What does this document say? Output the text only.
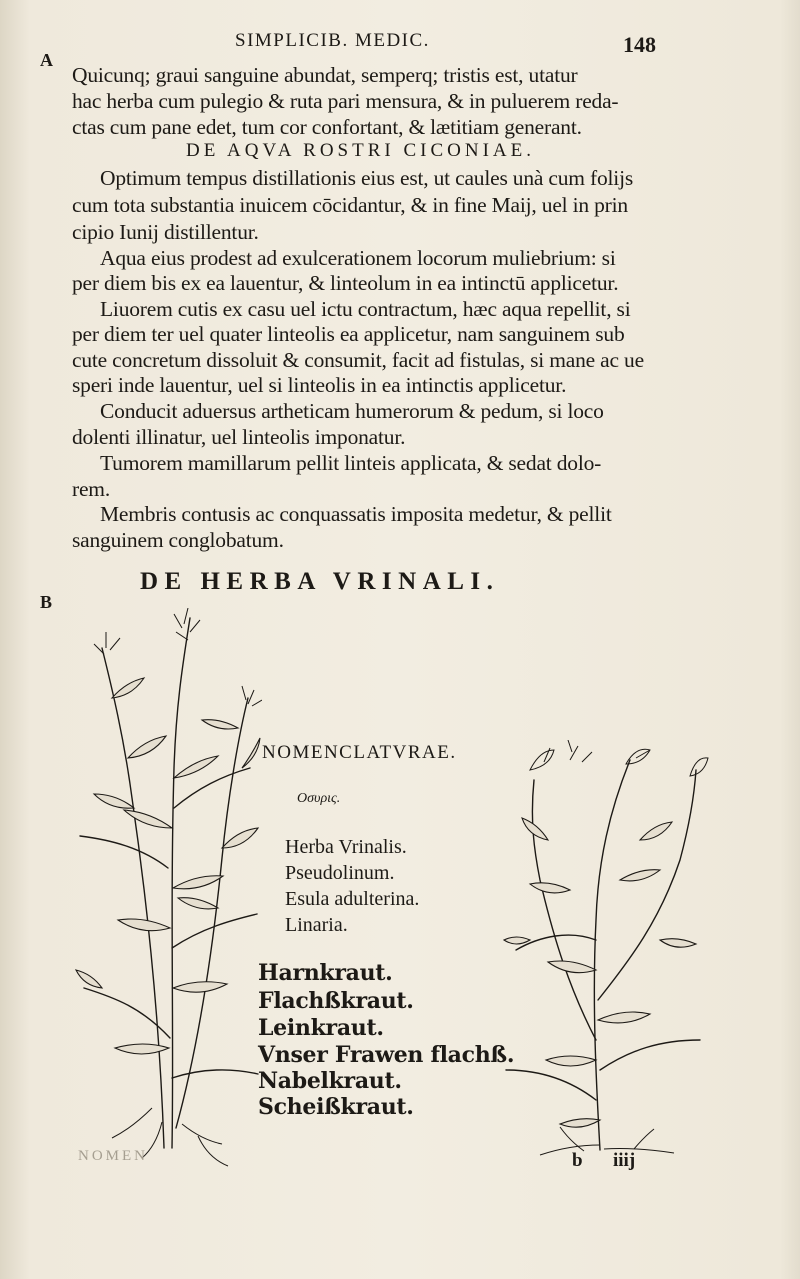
SIMPLICIB. MEDIC.	148
A
B
Quicunq; graui sanguine abundat, semperq; tristis est, utatur
hac herba cum pulegio & ruta pari mensura, & in puluerem reda-
ctas cum pane edet, tum cor confortant, & lætitiam generant.
DE AQVA ROSTRI CICONIAE.
Optimum tempus distillationis eius est, ut caules unà cum folijs
cum tota substantia inuicem cōcidantur, & in fine Maij, uel in prin
cipio Iunij distillentur.
Aqua eius prodest ad exulcerationem locorum muliebrium: si
per diem bis ex ea lauentur, & linteolum in ea intinctū applicetur.
Liuorem cutis ex casu uel ictu contractum, hæc aqua repellit, si
per diem ter uel quater linteolis ea applicetur, nam sanguinem sub
cute concretum dissoluit & consumit, facit ad fistulas, si mane ac ue
speri inde lauentur, uel si linteolis in ea intinctis applicetur.
Conducit aduersus artheticam humerorum & pedum, si loco
dolenti illinatur, uel linteolis imponatur.
Tumorem mamillarum pellit linteis applicata, & sedat dolo-
rem.
Membris contusis ac conquassatis imposita medetur, & pellit
sanguinem conglobatum.
DE HERBA VRINALI.
NOMENCLATVRAE.
Οσυρις.
Herba Vrinalis.
Pseudolinum.
Esula adulterina.
Linaria.
Harnkraut.
Flachßkraut.
Leinkraut.
Vnser Frawen flachß.
Nabelkraut.
Scheißkraut.
NOMEN	b iiij
